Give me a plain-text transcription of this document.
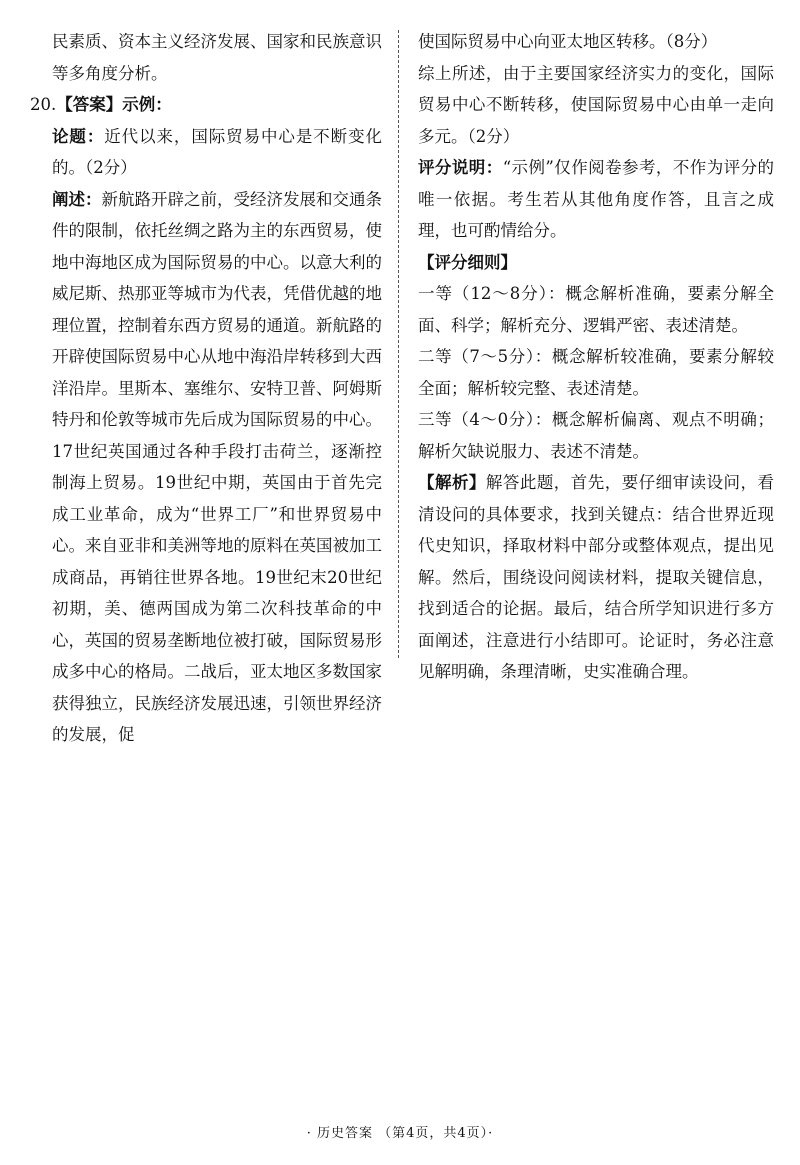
民素质、资本主义经济发展、国家和民族意识等多角度分析。

20.【答案】示例：

论题：近代以来，国际贸易中心是不断变化的。（2分）

阐述：新航路开辟之前，受经济发展和交通条件的限制，依托丝绸之路为主的东西贸易，使地中海地区成为国际贸易的中心。以意大利的威尼斯、热那亚等城市为代表，凭借优越的地理位置，控制着东西方贸易的通道。新航路的开辟使国际贸易中心从地中海沿岸转移到大西洋沿岸。里斯本、塞维尔、安特卫普、阿姆斯特丹和伦敦等城市先后成为国际贸易的中心。17世纪英国通过各种手段打击荷兰，逐渐控制海上贸易。19世纪中期，英国由于首先完成工业革命，成为“世界工厂”和世界贸易中心。来自亚非和美洲等地的原料在英国被加工成商品，再销往世界各地。19世纪末20世纪初期，美、德两国成为第二次科技革命的中心，英国的贸易垄断地位被打破，国际贸易形成多中心的格局。二战后，亚太地区多数国家获得独立，民族经济发展迅速，引领世界经济的发展，促

使国际贸易中心向亚太地区转移。（8分）

综上所述，由于主要国家经济实力的变化，国际贸易中心不断转移，使国际贸易中心由单一走向多元。（2分）

评分说明：“示例”仅作阅卷参考，不作为评分的唯一依据。考生若从其他角度作答，且言之成理，也可酌情给分。

【评分细则】

一等（12～8分）：概念解析准确，要素分解全面、科学；解析充分、逻辑严密、表述清楚。

二等（7～5分）：概念解析较准确，要素分解较全面；解析较完整、表述清楚。

三等（4～0分）：概念解析偏离、观点不明确；解析欠缺说服力、表述不清楚。

【解析】解答此题，首先，要仔细审读设问，看清设问的具体要求，找到关键点：结合世界近现代史知识，择取材料中部分或整体观点，提出见解。然后，围绕设问阅读材料，提取关键信息，找到适合的论据。最后，结合所学知识进行多方面阐述，注意进行小结即可。论证时，务必注意见解明确，条理清晰，史实准确合理。

· 历史答案 （第4页，共4页）·
